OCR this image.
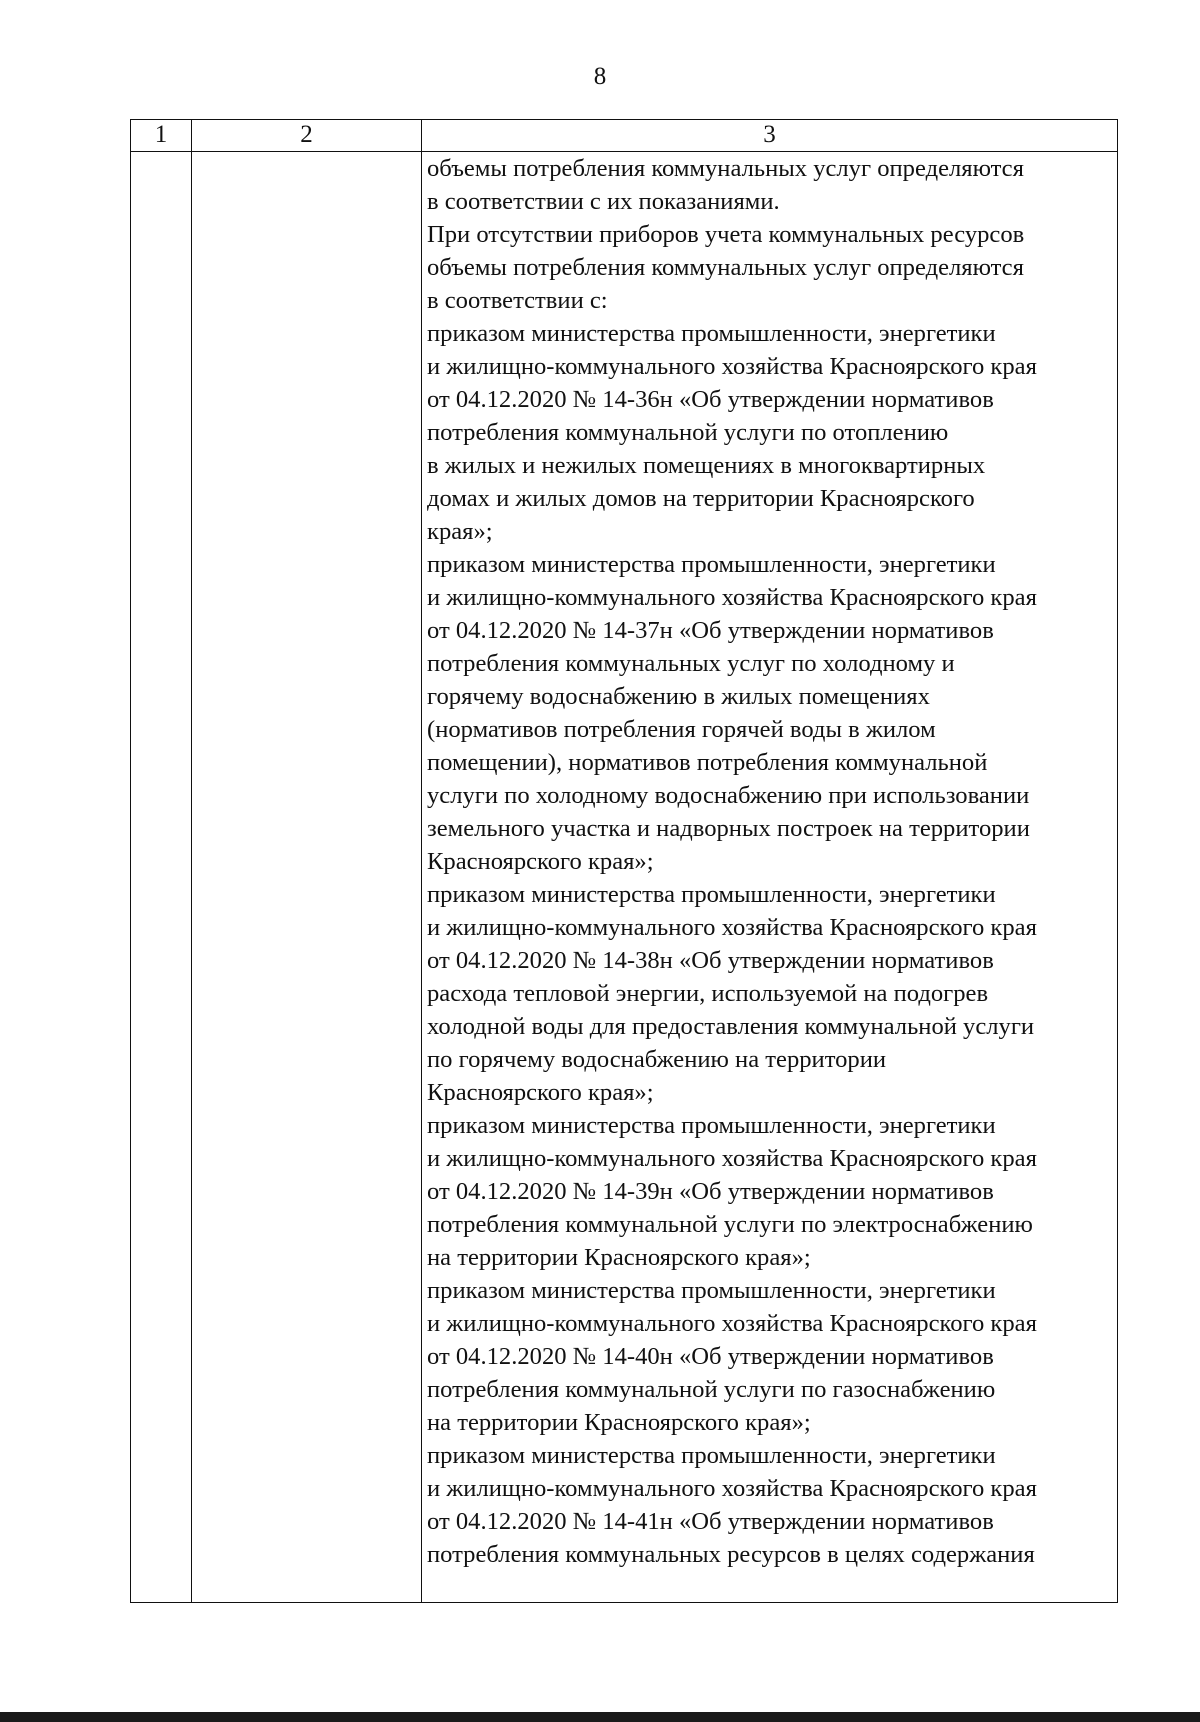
8
1	2	3
объемы потребления коммунальных услуг определяются
в соответствии с их показаниями.
При отсутствии приборов учета коммунальных ресурсов
объемы потребления коммунальных услуг определяются
в соответствии с:
приказом министерства промышленности, энергетики
и жилищно-коммунального хозяйства Красноярского края
от 04.12.2020 № 14-36н «Об утверждении нормативов
потребления коммунальной услуги по отоплению
в жилых и нежилых помещениях в многоквартирных
домах и жилых домов на территории Красноярского
края»;
приказом министерства промышленности, энергетики
и жилищно-коммунального хозяйства Красноярского края
от 04.12.2020 № 14-37н «Об утверждении нормативов
потребления коммунальных услуг по холодному и
горячему водоснабжению в жилых помещениях
(нормативов потребления горячей воды в жилом
помещении), нормативов потребления коммунальной
услуги по холодному водоснабжению при использовании
земельного участка и надворных построек на территории
Красноярского края»;
приказом министерства промышленности, энергетики
и жилищно-коммунального хозяйства Красноярского края
от 04.12.2020 № 14-38н «Об утверждении нормативов
расхода тепловой энергии, используемой на подогрев
холодной воды для предоставления коммунальной услуги
по горячему водоснабжению на территории
Красноярского края»;
приказом министерства промышленности, энергетики
и жилищно-коммунального хозяйства Красноярского края
от 04.12.2020 № 14-39н «Об утверждении нормативов
потребления коммунальной услуги по электроснабжению
на территории Красноярского края»;
приказом министерства промышленности, энергетики
и жилищно-коммунального хозяйства Красноярского края
от 04.12.2020 № 14-40н «Об утверждении нормативов
потребления коммунальной услуги по газоснабжению
на территории Красноярского края»;
приказом министерства промышленности, энергетики
и жилищно-коммунального хозяйства Красноярского края
от 04.12.2020 № 14-41н «Об утверждении нормативов
потребления коммунальных ресурсов в целях содержания
